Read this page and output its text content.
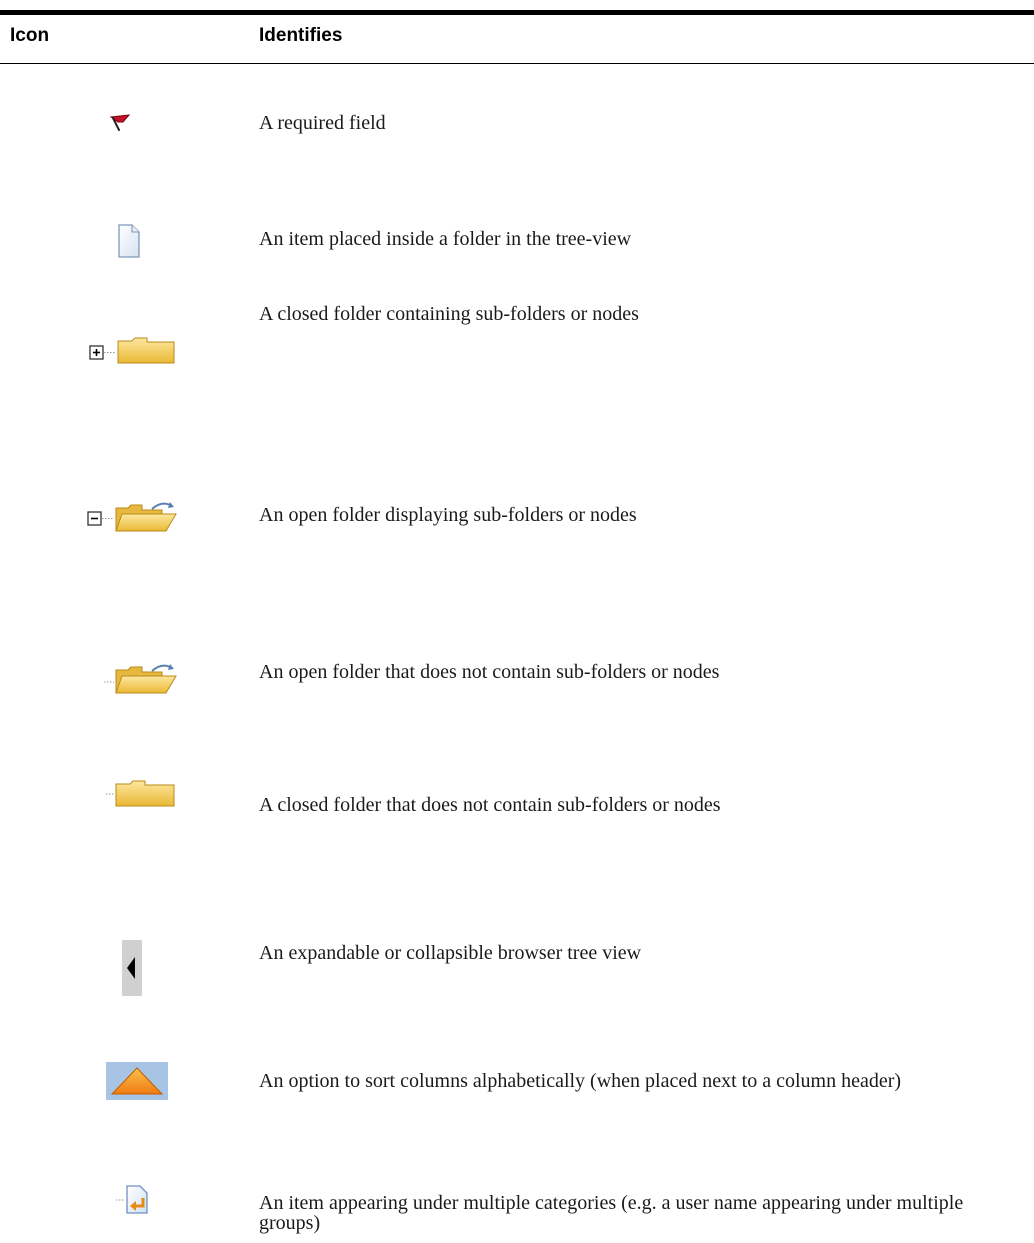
Icon	Identifies

A required field

An item placed inside a folder in the tree-view

A closed folder containing sub-folders or nodes

An open folder displaying sub-folders or nodes

An open folder that does not contain sub-folders or nodes

A closed folder that does not contain sub-folders or nodes

An expandable or collapsible browser tree view

An option to sort columns alphabetically (when placed next to a column header)

An item appearing under multiple categories (e.g. a user name appearing under multiple groups)
